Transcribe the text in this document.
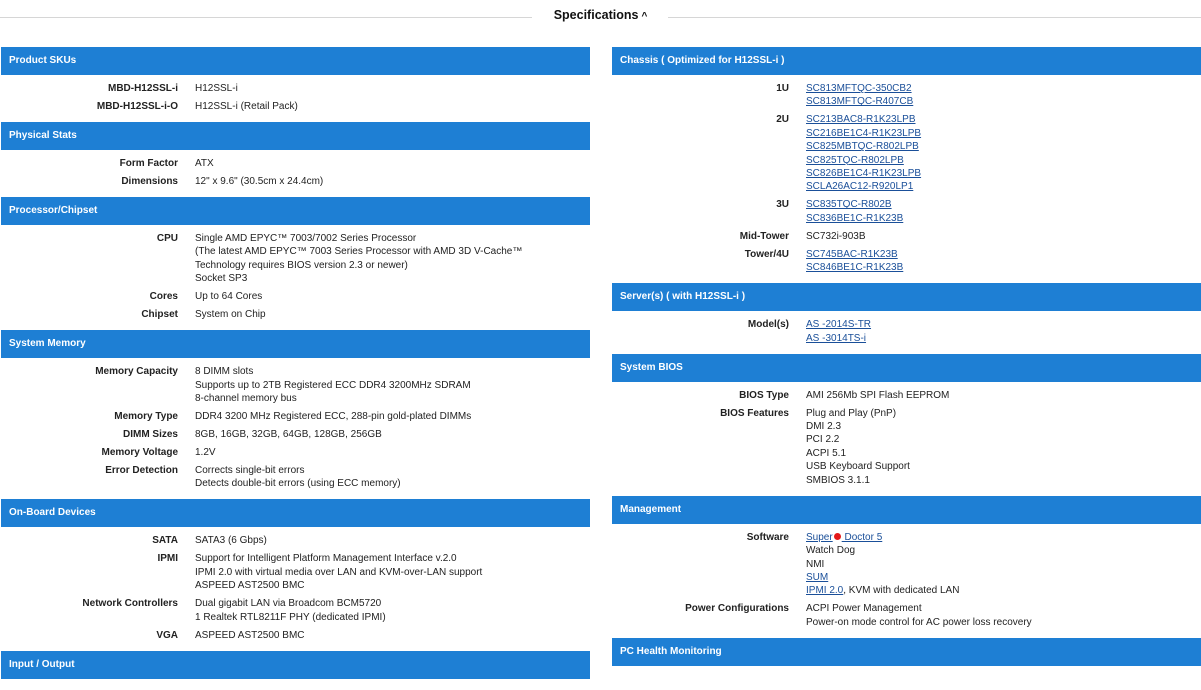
Specifications ^
Product SKUs
MBD-H12SSL-i	H12SSL-i
MBD-H12SSL-i-O	H12SSL-i (Retail Pack)
Physical Stats
Form Factor	ATX
Dimensions	12" x 9.6" (30.5cm x 24.4cm)
Processor/Chipset
CPU	Single AMD EPYC™ 7003/7002 Series Processor
(The latest AMD EPYC™ 7003 Series Processor with AMD 3D V-Cache™
Technology requires BIOS version 2.3 or newer)
Socket SP3
Cores	Up to 64 Cores
Chipset	System on Chip
System Memory
Memory Capacity	8 DIMM slots
Supports up to 2TB Registered ECC DDR4 3200MHz SDRAM
8-channel memory bus
Memory Type	DDR4 3200 MHz Registered ECC, 288-pin gold-plated DIMMs
DIMM Sizes	8GB, 16GB, 32GB, 64GB, 128GB, 256GB
Memory Voltage	1.2V
Error Detection	Corrects single-bit errors
Detects double-bit errors (using ECC memory)
On-Board Devices
SATA	SATA3 (6 Gbps)
IPMI	Support for Intelligent Platform Management Interface v.2.0
IPMI 2.0 with virtual media over LAN and KVM-over-LAN support
ASPEED AST2500 BMC
Network Controllers	Dual gigabit LAN via Broadcom BCM5720
1 Realtek RTL8211F PHY (dedicated IPMI)
VGA	ASPEED AST2500 BMC
Input / Output
Chassis ( Optimized for H12SSL-i )
1U	SC813MFTQC-350CB2
SC813MFTQC-R407CB
2U	SC213BAC8-R1K23LPB
SC216BE1C4-R1K23LPB
SC825MBTQC-R802LPB
SC825TQC-R802LPB
SC826BE1C4-R1K23LPB
SCLA26AC12-R920LP1
3U	SC835TQC-R802B
SC836BE1C-R1K23B
Mid-Tower	SC732i-903B
Tower/4U	SC745BAC-R1K23B
SC846BE1C-R1K23B
Server(s) ( with H12SSL-i )
Model(s)	AS -2014S-TR
AS -3014TS-i
System BIOS
BIOS Type	AMI 256Mb SPI Flash EEPROM
BIOS Features	Plug and Play (PnP)
DMI 2.3
PCI 2.2
ACPI 5.1
USB Keyboard Support
SMBIOS 3.1.1
Management
Software	Super Doctor 5
Watch Dog
NMI
SUM
IPMI 2.0, KVM with dedicated LAN
Power Configurations	ACPI Power Management
Power-on mode control for AC power loss recovery
PC Health Monitoring
